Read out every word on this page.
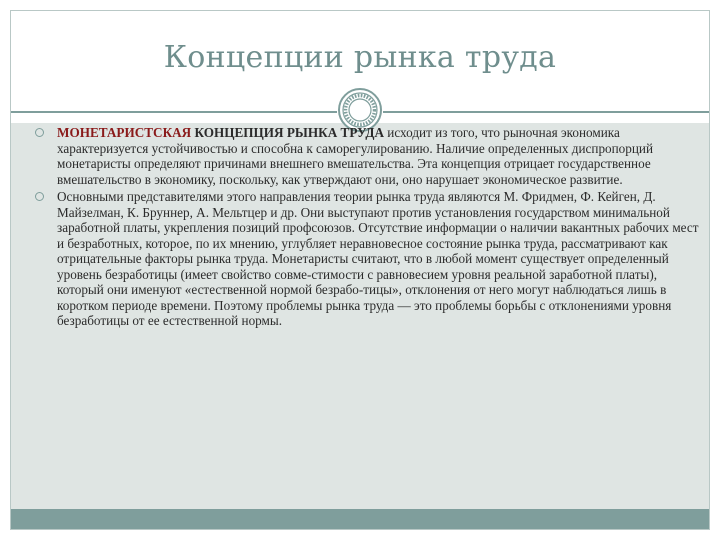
Концепции рынка труда

МОНЕТАРИСТСКАЯ КОНЦЕПЦИЯ РЫНКА ТРУДА исходит из того, что рыночная экономика характеризуется устойчивостью и способна к саморегулированию. Наличие определенных диспропорций монетаристы определяют причинами внешнего вмешательства. Эта концепция отрицает государственное вмешательство в экономику, поскольку, как утверждают они, оно нарушает экономическое развитие.

Основными представителями этого направления теории рынка труда являются М. Фридмен, Ф. Кейген, Д. Майзелман, К. Бруннер, А. Мельтцер и др. Они выступают против установления государством минимальной заработной платы, укрепления позиций профсоюзов. Отсутствие информации о наличии вакантных рабочих мест и безработных, которое, по их мнению, углубляет неравновесное состояние рынка труда, рассматривают как отрицательные факторы рынка труда. Монетаристы считают, что в любой момент существует определенный уровень безработицы (имеет свойство совме-стимости с равновесием уровня реальной заработной платы), который они именуют «естественной нормой безрабо-тицы», отклонения от него могут наблюдаться лишь в коротком периоде времени. Поэтому проблемы рынка труда — это проблемы борьбы с отклонениями уровня безработицы от ее естественной нормы.
